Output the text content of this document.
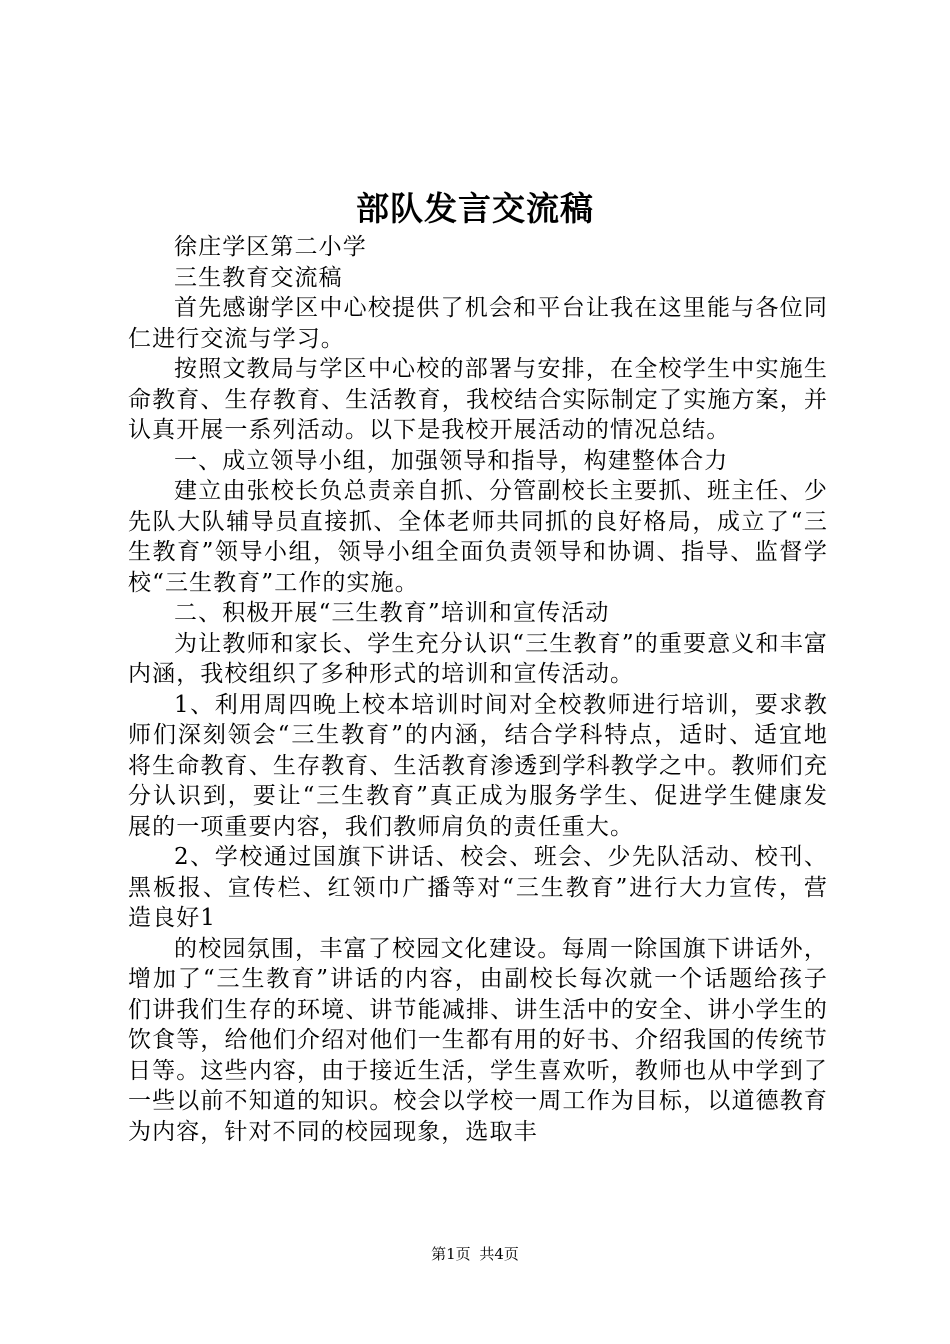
部队发言交流稿

徐庄学区第二小学

三生教育交流稿

首先感谢学区中心校提供了机会和平台让我在这里能与各位同仁进行交流与学习。

按照文教局与学区中心校的部署与安排，在全校学生中实施生命教育、生存教育、生活教育，我校结合实际制定了实施方案，并认真开展一系列活动。以下是我校开展活动的情况总结。

一、成立领导小组，加强领导和指导，构建整体合力

建立由张校长负总责亲自抓、分管副校长主要抓、班主任、少先队大队辅导员直接抓、全体老师共同抓的良好格局，成立了“三生教育”领导小组，领导小组全面负责领导和协调、指导、监督学校“三生教育”工作的实施。

二、积极开展“三生教育”培训和宣传活动

为让教师和家长、学生充分认识“三生教育”的重要意义和丰富内涵，我校组织了多种形式的培训和宣传活动。

1、利用周四晚上校本培训时间对全校教师进行培训，要求教师们深刻领会“三生教育”的内涵，结合学科特点，适时、适宜地将生命教育、生存教育、生活教育渗透到学科教学之中。教师们充分认识到，要让“三生教育”真正成为服务学生、促进学生健康发展的一项重要内容，我们教师肩负的责任重大。

2、学校通过国旗下讲话、校会、班会、少先队活动、校刊、黑板报、宣传栏、红领巾广播等对“三生教育”进行大力宣传，营造良好1

的校园氛围，丰富了校园文化建设。每周一除国旗下讲话外，增加了“三生教育”讲话的内容，由副校长每次就一个话题给孩子们讲我们生存的环境、讲节能减排、讲生活中的安全、讲小学生的饮食等，给他们介绍对他们一生都有用的好书、介绍我国的传统节日等。这些内容，由于接近生活，学生喜欢听，教师也从中学到了一些以前不知道的知识。校会以学校一周工作为目标，以道德教育为内容，针对不同的校园现象，选取丰

第1页 共4页
